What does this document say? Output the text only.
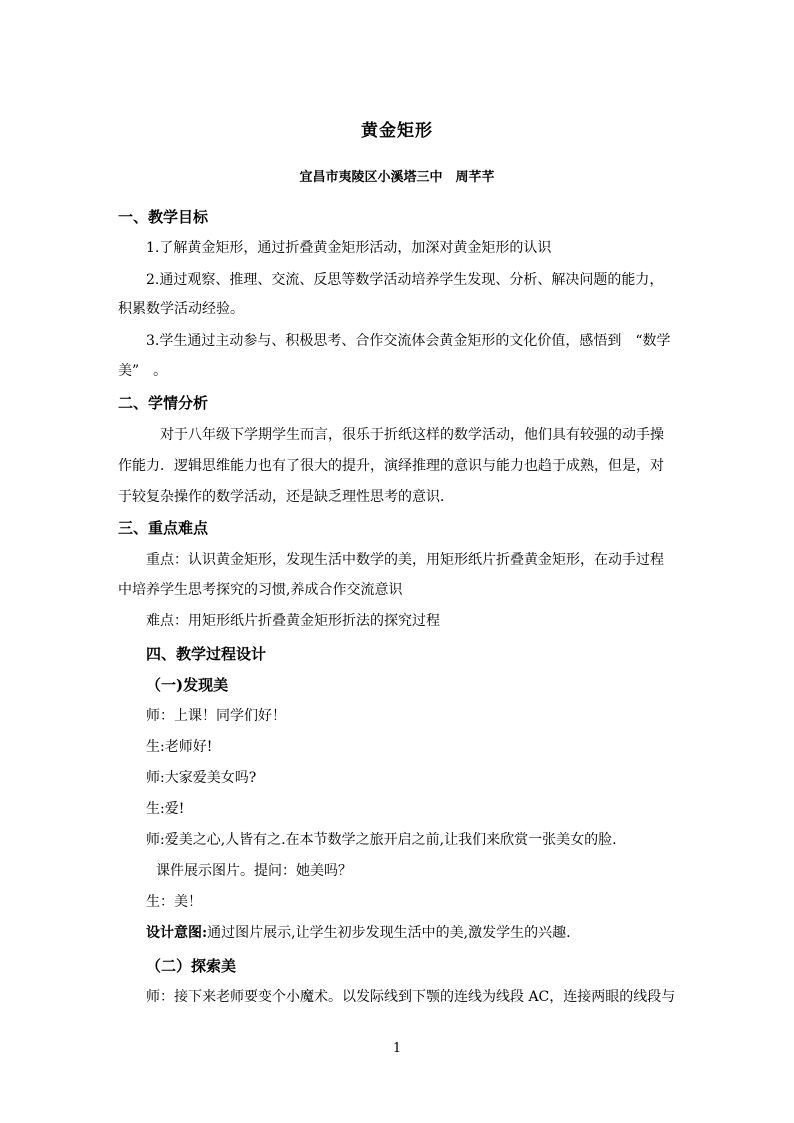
黄金矩形
宜昌市夷陵区小溪塔三中　周芊芊
一、教学目标
1.了解黄金矩形，通过折叠黄金矩形活动，加深对黄金矩形的认识
2.通过观察、推理、交流、反思等数学活动培养学生发现、分析、解决问题的能力，
积累数学活动经验。
3.学生通过主动参与、积极思考、合作交流体会黄金矩形的文化价值，感悟到　“数学
美”　。
二、学情分析
对于八年级下学期学生而言，很乐于折纸这样的数学活动，他们具有较强的动手操
作能力．逻辑思维能力也有了很大的提升，演绎推理的意识与能力也趋于成熟，但是，对
于较复杂操作的数学活动，还是缺乏理性思考的意识．
三、重点难点
重点：认识黄金矩形，发现生活中数学的美，用矩形纸片折叠黄金矩形，在动手过程
中培养学生思考探究的习惯,养成合作交流意识
难点：用矩形纸片折叠黄金矩形折法的探究过程
四、教学过程设计
（一)发现美
师：上课！同学们好！
生:老师好!
师:大家爱美女吗?
生:爱!
师:爱美之心,人皆有之.在本节数学之旅开启之前,让我们来欣赏一张美女的脸.
课件展示图片。提问：她美吗？
生：美！
设计意图:通过图片展示,让学生初步发现生活中的美,激发学生的兴趣.
（二）探索美
师：接下来老师要变个小魔术。以发际线到下颚的连线为线段 AC，连接两眼的线段与
1
